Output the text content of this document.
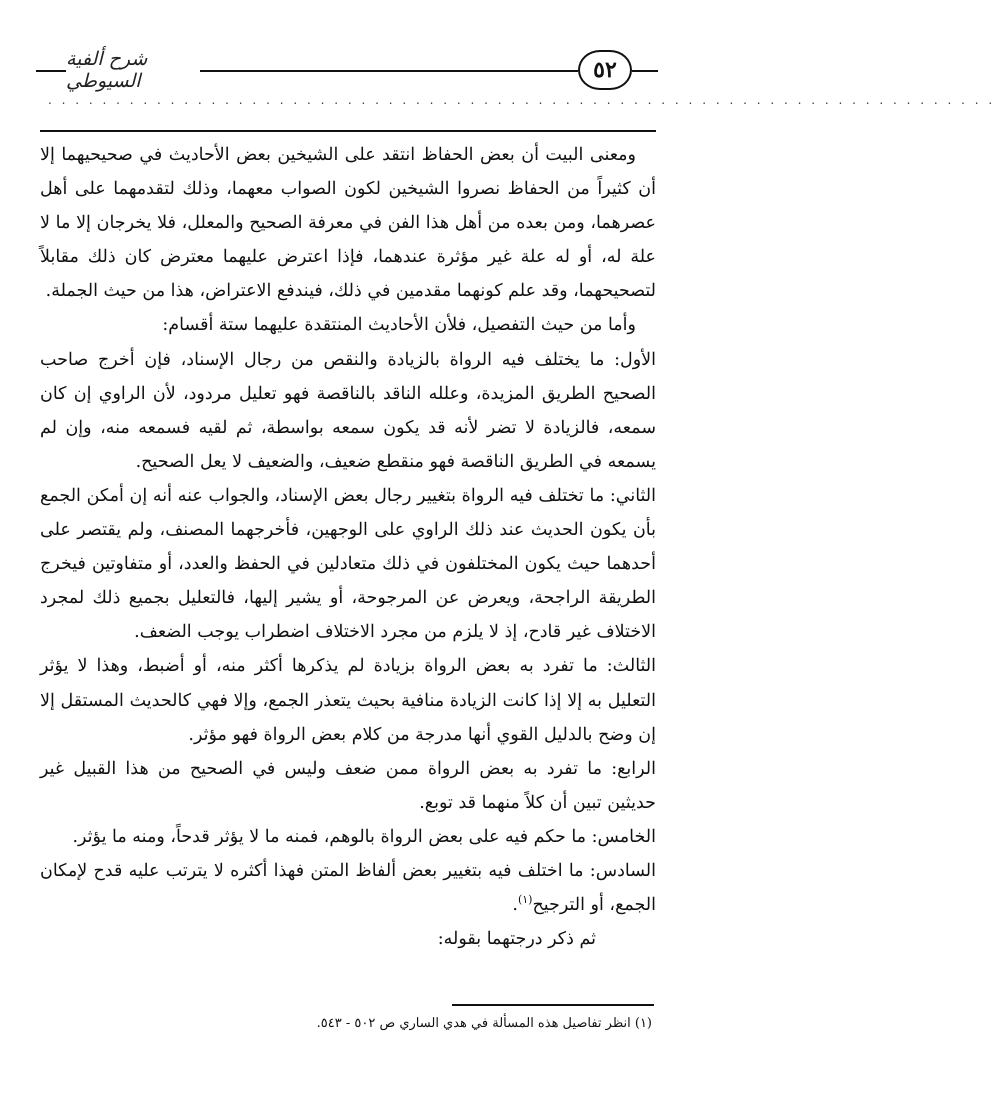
شرح ألفية السيوطي	٥٢
. . . . . . . . . . . . . . . . . . . . . . . . . . . . . . . . . . . . . . . . . . . . . . . . . . . . . . . . . . . . . . . . . . . . . .

ومعنى البيت أن بعض الحفاظ انتقد على الشيخين بعض الأحاديث في صحيحيهما إلا أن كثيراً من الحفاظ نصروا الشيخين لكون الصواب معهما، وذلك لتقدمهما على أهل عصرهما، ومن بعده من أهل هذا الفن في معرفة الصحيح والمعلل، فلا يخرجان إلا ما لا علة له، أو له علة غير مؤثرة عندهما، فإذا اعترض عليهما معترض كان ذلك مقابلاً لتصحيحهما، وقد علم كونهما مقدمين في ذلك، فيندفع الاعتراض، هذا من حيث الجملة.

وأما من حيث التفصيل، فلأن الأحاديث المنتقدة عليهما ستة أقسام:

الأول: ما يختلف فيه الرواة بالزيادة والنقص من رجال الإسناد، فإن أخرج صاحب الصحيح الطريق المزيدة، وعلله الناقد بالناقصة فهو تعليل مردود، لأن الراوي إن كان سمعه، فالزيادة لا تضر لأنه قد يكون سمعه بواسطة، ثم لقيه فسمعه منه، وإن لم يسمعه في الطريق الناقصة فهو منقطع ضعيف، والضعيف لا يعل الصحيح.

الثاني: ما تختلف فيه الرواة بتغيير رجال بعض الإسناد، والجواب عنه أنه إن أمكن الجمع بأن يكون الحديث عند ذلك الراوي على الوجهين، فأخرجهما المصنف، ولم يقتصر على أحدهما حيث يكون المختلفون في ذلك متعادلين في الحفظ والعدد، أو متفاوتين فيخرج الطريقة الراجحة، ويعرض عن المرجوحة، أو يشير إليها، فالتعليل بجميع ذلك لمجرد الاختلاف غير قادح، إذ لا يلزم من مجرد الاختلاف اضطراب يوجب الضعف.

الثالث: ما تفرد به بعض الرواة بزيادة لم يذكرها أكثر منه، أو أضبط، وهذا لا يؤثر التعليل به إلا إذا كانت الزيادة منافية بحيث يتعذر الجمع، وإلا فهي كالحديث المستقل إلا إن وضح بالدليل القوي أنها مدرجة من كلام بعض الرواة فهو مؤثر.

الرابع: ما تفرد به بعض الرواة ممن ضعف وليس في الصحيح من هذا القبيل غير حديثين تبين أن كلاً منهما قد توبع.

الخامس: ما حكم فيه على بعض الرواة بالوهم، فمنه ما لا يؤثر قدحاً، ومنه ما يؤثر.

السادس: ما اختلف فيه بتغيير بعض ألفاظ المتن فهذا أكثره لا يترتب عليه قدح لإمكان الجمع، أو الترجيح$^{(١)}$.

ثم ذكر درجتهما بقوله:

(١) انظر تفاصيل هذه المسألة في هدي الساري ص ٥٠٢ - ٥٤٣.
